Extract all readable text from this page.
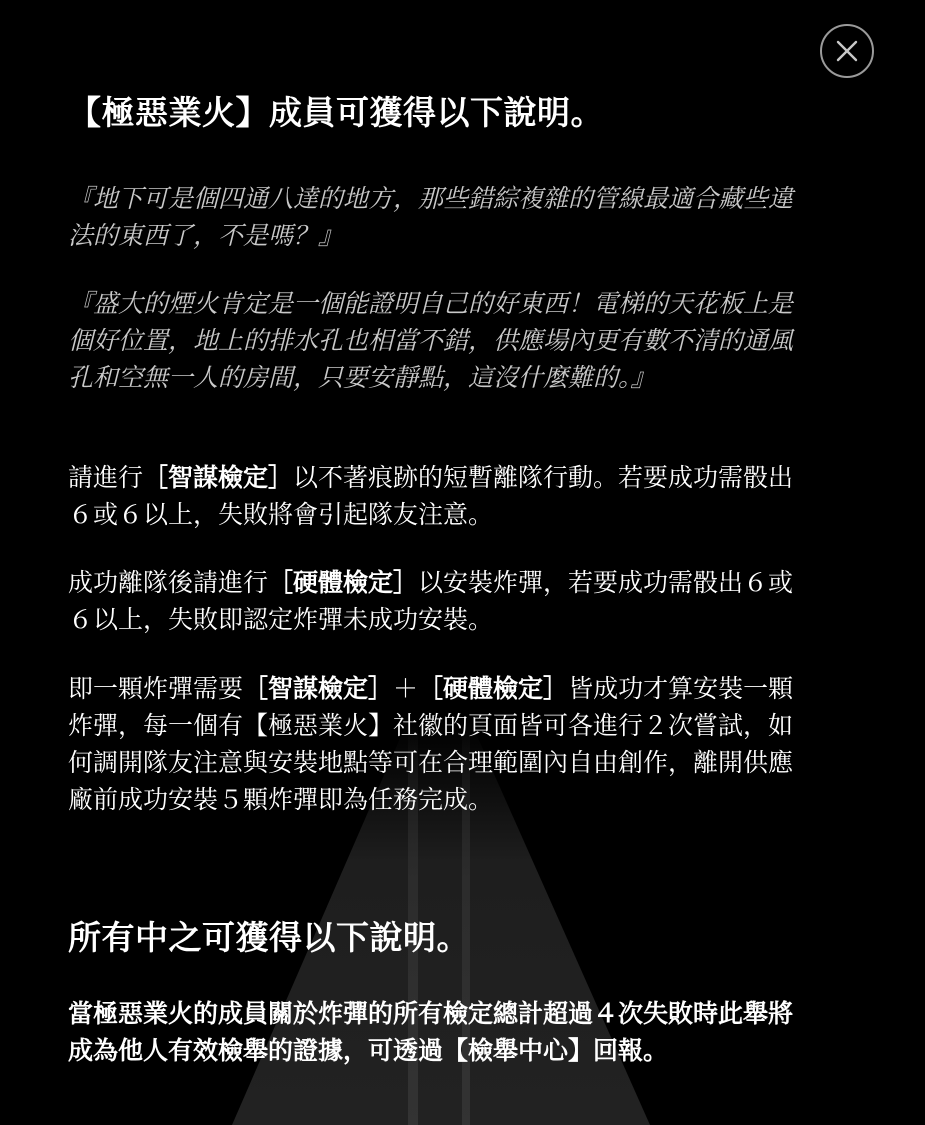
【極惡業火】成員可獲得以下說明。

『地下可是個四通八達的地方，那些錯綜複雜的管線最適合藏些違法的東西了，不是嗎？』

『盛大的煙火肯定是一個能證明自己的好東西！電梯的天花板上是個好位置，地上的排水孔也相當不錯，供應場內更有數不清的通風孔和空無一人的房間，只要安靜點，這沒什麼難的。』

請進行［智謀檢定］以不著痕跡的短暫離隊行動。若要成功需骰出６或６以上，失敗將會引起隊友注意。

成功離隊後請進行［硬體檢定］以安裝炸彈，若要成功需骰出６或６以上，失敗即認定炸彈未成功安裝。

即一顆炸彈需要［智謀檢定］＋［硬體檢定］皆成功才算安裝一顆炸彈，每一個有【極惡業火】社徽的頁面皆可各進行２次嘗試，如何調開隊友注意與安裝地點等可在合理範圍內自由創作，離開供應廠前成功安裝５顆炸彈即為任務完成。

所有中之可獲得以下說明。

當極惡業火的成員關於炸彈的所有檢定總計超過４次失敗時此舉將成為他人有效檢舉的證據，可透過【檢舉中心】回報。
